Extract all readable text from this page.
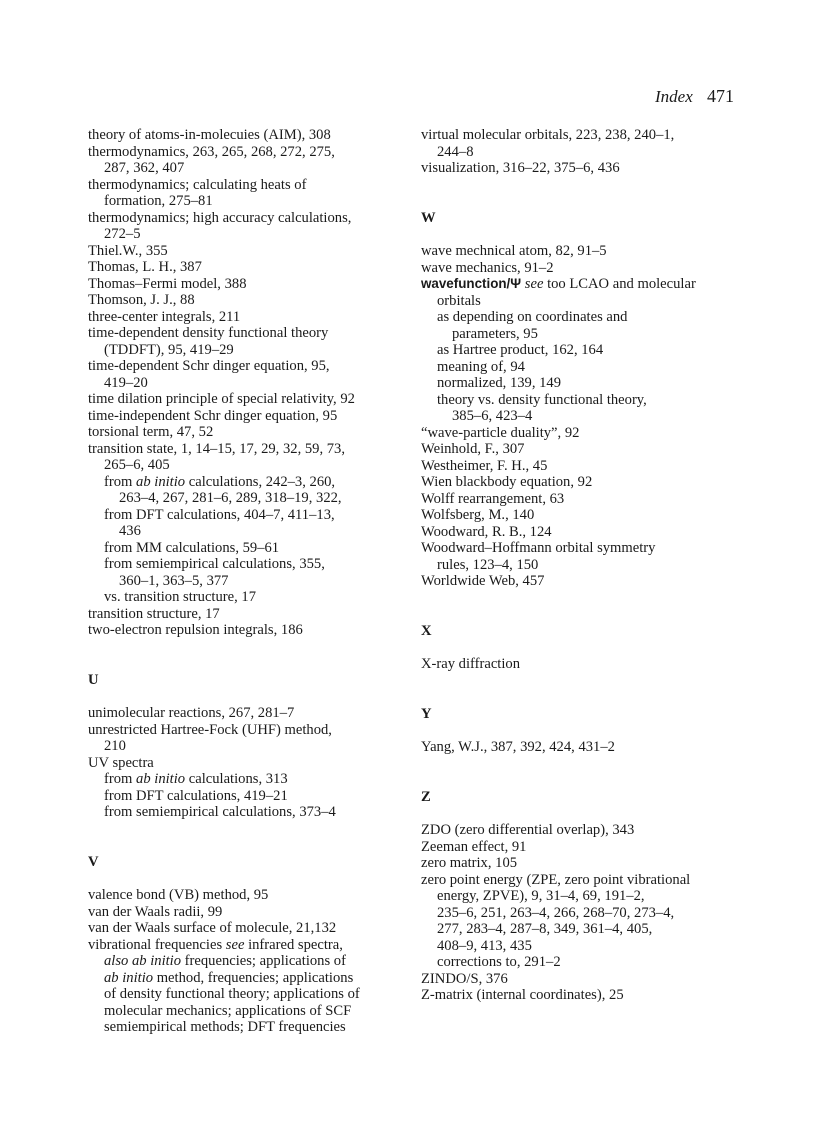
Index 471
theory of atoms-in-molecuies (AIM), 308
thermodynamics, 263, 265, 268, 272, 275,
287, 362, 407
thermodynamics; calculating heats of
formation, 275–81
thermodynamics; high accuracy calculations,
272–5
Thiel.W., 355
Thomas, L. H., 387
Thomas–Fermi model, 388
Thomson, J. J., 88
three-center integrals, 211
time-dependent density functional theory
(TDDFT), 95, 419–29
time-dependent Schr dinger equation, 95,
419–20
time dilation principle of special relativity, 92
time-independent Schr dinger equation, 95
torsional term, 47, 52
transition state, 1, 14–15, 17, 29, 32, 59, 73,
265–6, 405
from ab initio calculations, 242–3, 260,
263–4, 267, 281–6, 289, 318–19, 322,
from DFT calculations, 404–7, 411–13,
436
from MM calculations, 59–61
from semiempirical calculations, 355,
360–1, 363–5, 377
vs. transition structure, 17
transition structure, 17
two-electron repulsion integrals, 186
U
unimolecular reactions, 267, 281–7
unrestricted Hartree-Fock (UHF) method,
210
UV spectra
from ab initio calculations, 313
from DFT calculations, 419–21
from semiempirical calculations, 373–4
V
valence bond (VB) method, 95
van der Waals radii, 99
van der Waals surface of molecule, 21,132
vibrational frequencies see infrared spectra,
also ab initio frequencies; applications of
ab initio method, frequencies; applications
of density functional theory; applications of
molecular mechanics; applications of SCF
semiempirical methods; DFT frequencies
virtual molecular orbitals, 223, 238, 240–1,
244–8
visualization, 316–22, 375–6, 436
W
wave mechnical atom, 82, 91–5
wave mechanics, 91–2
wavefunction/Ψ see too LCAO and molecular
orbitals
as depending on coordinates and
parameters, 95
as Hartree product, 162, 164
meaning of, 94
normalized, 139, 149
theory vs. density functional theory,
385–6, 423–4
“wave-particle duality”, 92
Weinhold, F., 307
Westheimer, F. H., 45
Wien blackbody equation, 92
Wolff rearrangement, 63
Wolfsberg, M., 140
Woodward, R. B., 124
Woodward–Hoffmann orbital symmetry
rules, 123–4, 150
Worldwide Web, 457
X
X-ray diffraction
Y
Yang, W.J., 387, 392, 424, 431–2
Z
ZDO (zero differential overlap), 343
Zeeman effect, 91
zero matrix, 105
zero point energy (ZPE, zero point vibrational
energy, ZPVE), 9, 31–4, 69, 191–2,
235–6, 251, 263–4, 266, 268–70, 273–4,
277, 283–4, 287–8, 349, 361–4, 405,
408–9, 413, 435
corrections to, 291–2
ZINDO/S, 376
Z-matrix (internal coordinates), 25
